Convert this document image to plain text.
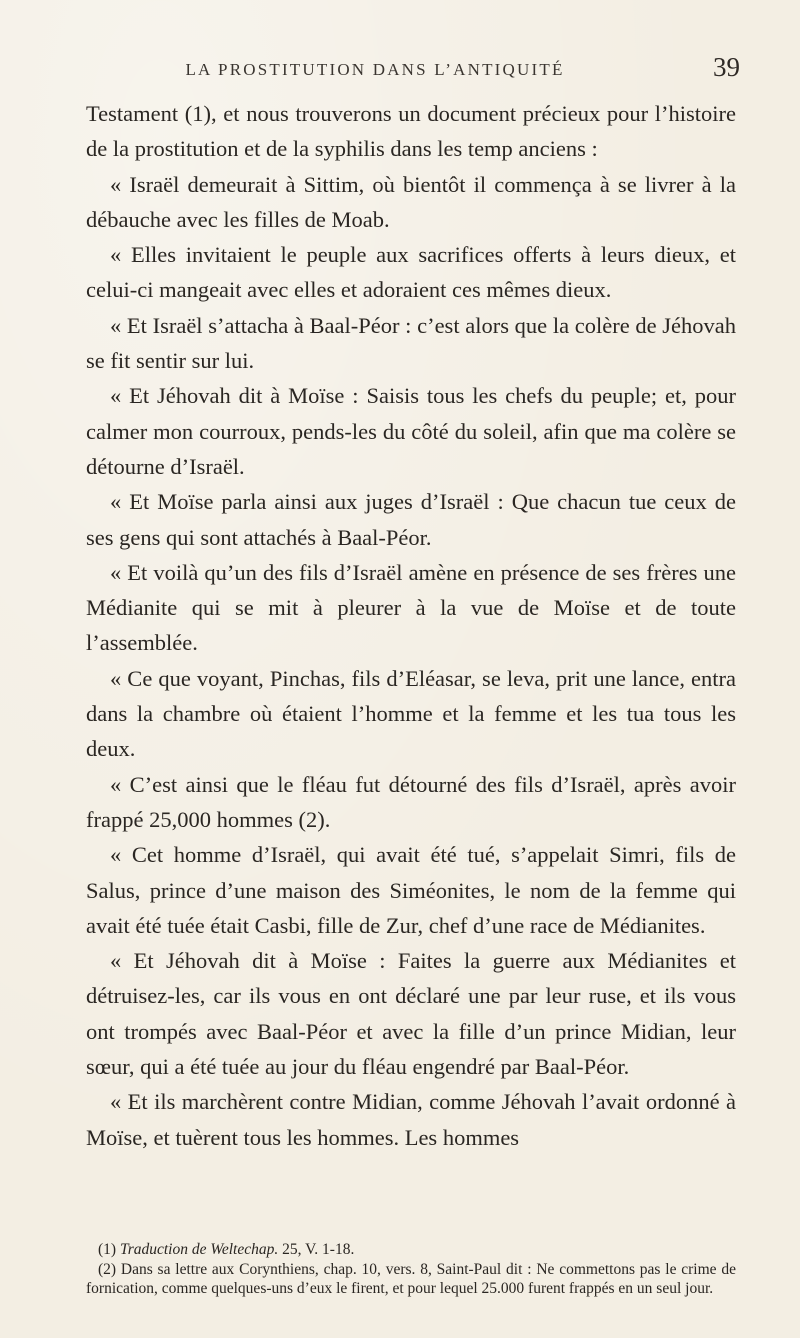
LA PROSTITUTION DANS L’ANTIQUITÉ	39

Testament (1), et nous trouverons un document précieux pour l’histoire de la prostitution et de la syphilis dans les temp anciens :

« Israël demeurait à Sittim, où bientôt il commença à se livrer à la débauche avec les filles de Moab.

« Elles invitaient le peuple aux sacrifices offerts à leurs dieux, et celui-ci mangeait avec elles et adoraient ces mêmes dieux.

« Et Israël s’attacha à Baal-Péor : c’est alors que la colère de Jéhovah se fit sentir sur lui.

« Et Jéhovah dit à Moïse : Saisis tous les chefs du peuple; et, pour calmer mon courroux, pends-les du côté du soleil, afin que ma colère se détourne d’Israël.

« Et Moïse parla ainsi aux juges d’Israël : Que chacun tue ceux de ses gens qui sont attachés à Baal-Péor.

« Et voilà qu’un des fils d’Israël amène en présence de ses frères une Médianite qui se mit à pleurer à la vue de Moïse et de toute l’assemblée.

« Ce que voyant, Pinchas, fils d’Eléasar, se leva, prit une lance, entra dans la chambre où étaient l’homme et la femme et les tua tous les deux.

« C’est ainsi que le fléau fut détourné des fils d’Israël, après avoir frappé 25,000 hommes (2).

« Cet homme d’Israël, qui avait été tué, s’appelait Simri, fils de Salus, prince d’une maison des Siméonites, le nom de la femme qui avait été tuée était Casbi, fille de Zur, chef d’une race de Médianites.

« Et Jéhovah dit à Moïse : Faites la guerre aux Médianites et détruisez-les, car ils vous en ont déclaré une par leur ruse, et ils vous ont trompés avec Baal-Péor et avec la fille d’un prince Midian, leur sœur, qui a été tuée au jour du fléau engendré par Baal-Péor.

« Et ils marchèrent contre Midian, comme Jéhovah l’avait ordonné à Moïse, et tuèrent tous les hommes. Les hommes

(1) Traduction de Weltechap. 25, V. 1-18.

(2) Dans sa lettre aux Corynthiens, chap. 10, vers. 8, Saint-Paul dit : Ne commettons pas le crime de fornication, comme quelques-uns d’eux le firent, et pour lequel 25.000 furent frappés en un seul jour.
